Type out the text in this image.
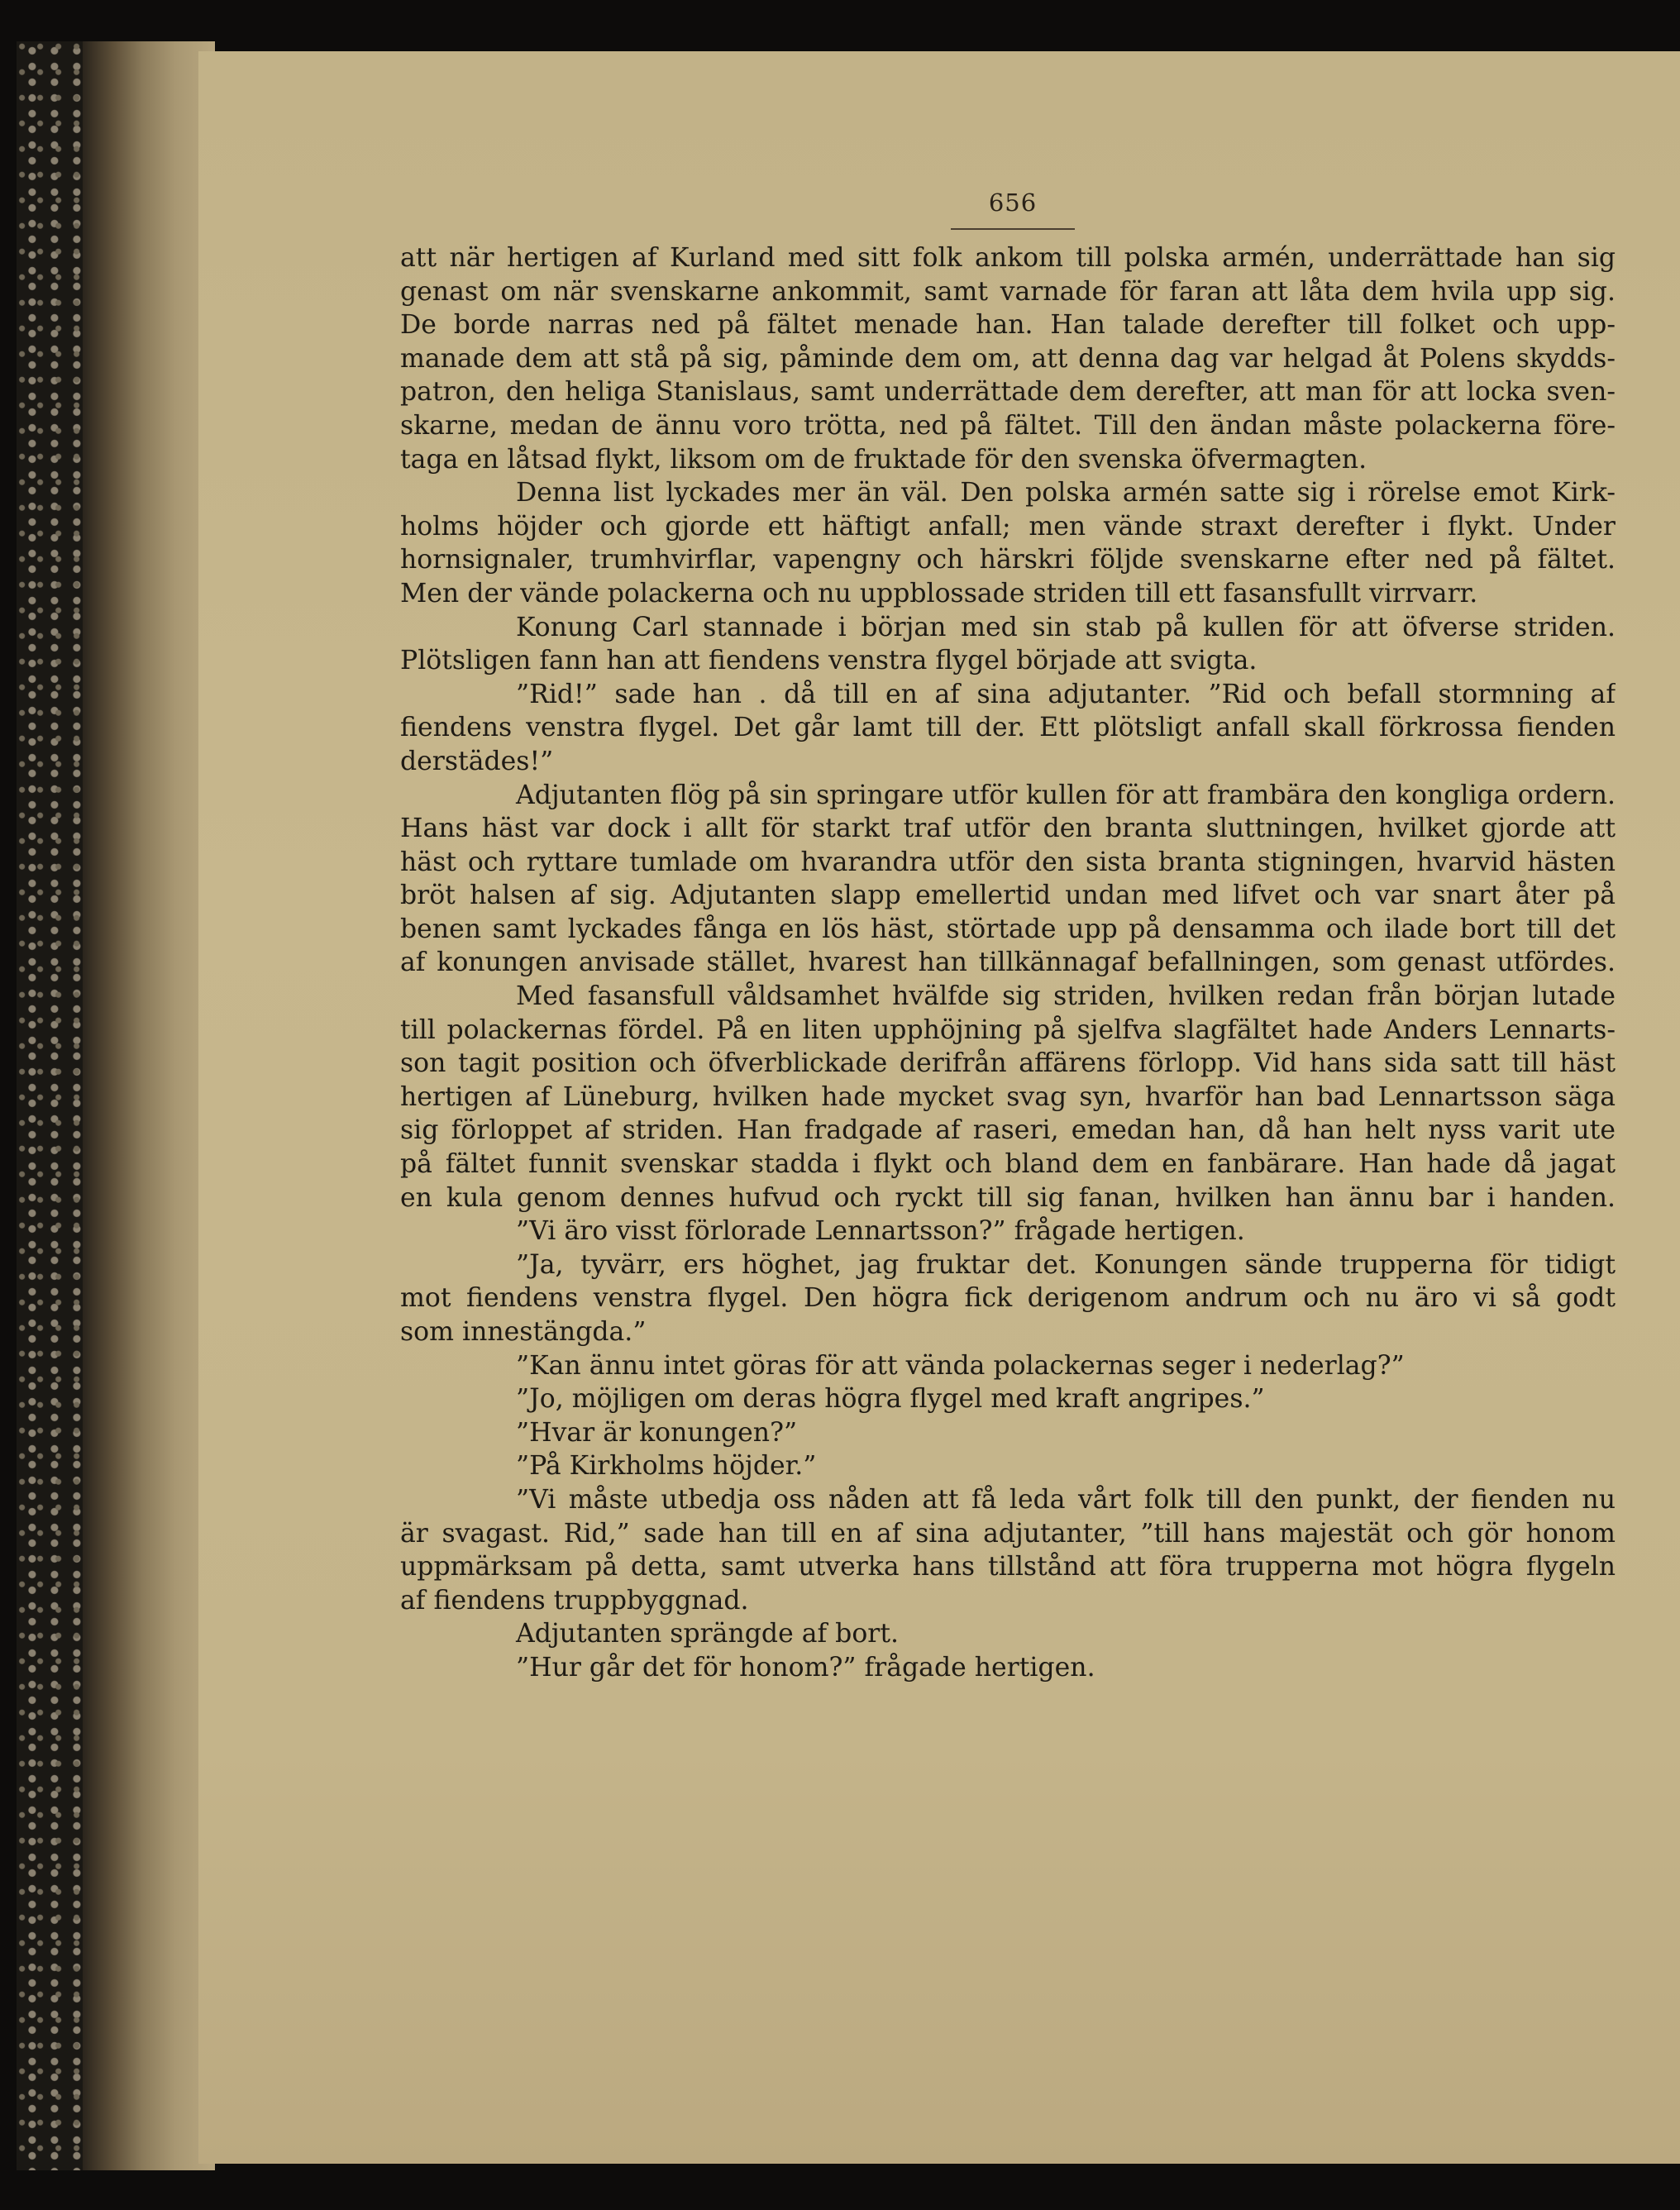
656
att när hertigen af Kurland med sitt folk ankom till polska armén, underrättade han sig
genast om när svenskarne ankommit, samt varnade för faran att låta dem hvila upp sig.
De borde narras ned på fältet menade han. Han talade derefter till folket och upp-
manade dem att stå på sig, påminde dem om, att denna dag var helgad åt Polens skydds-
patron, den heliga Stanislaus, samt underrättade dem derefter, att man för att locka sven-
skarne, medan de ännu voro trötta, ned på fältet. Till den ändan måste polackerna före-
taga en låtsad flykt, liksom om de fruktade för den svenska öfvermagten.
Denna list lyckades mer än väl. Den polska armén satte sig i rörelse emot Kirk-
holms höjder och gjorde ett häftigt anfall; men vände straxt derefter i flykt. Under
hornsignaler, trumhvirflar, vapengny och härskri följde svenskarne efter ned på fältet.
Men der vände polackerna och nu uppblossade striden till ett fasansfullt virrvarr.
Konung Carl stannade i början med sin stab på kullen för att öfverse striden.
Plötsligen fann han att fiendens venstra flygel började att svigta.
”Rid!” sade han . då till en af sina adjutanter. ”Rid och befall stormning af
fiendens venstra flygel. Det går lamt till der. Ett plötsligt anfall skall förkrossa fienden
derstädes!”
Adjutanten flög på sin springare utför kullen för att frambära den kongliga ordern.
Hans häst var dock i allt för starkt traf utför den branta sluttningen, hvilket gjorde att
häst och ryttare tumlade om hvarandra utför den sista branta stigningen, hvarvid hästen
bröt halsen af sig. Adjutanten slapp emellertid undan med lifvet och var snart åter på
benen samt lyckades fånga en lös häst, störtade upp på densamma och ilade bort till det
af konungen anvisade stället, hvarest han tillkännagaf befallningen, som genast utfördes.
Med fasansfull våldsamhet hvälfde sig striden, hvilken redan från början lutade
till polackernas fördel. På en liten upphöjning på sjelfva slagfältet hade Anders Lennarts-
son tagit position och öfverblickade derifrån affärens förlopp. Vid hans sida satt till häst
hertigen af Lüneburg, hvilken hade mycket svag syn, hvarför han bad Lennartsson säga
sig förloppet af striden. Han fradgade af raseri, emedan han, då han helt nyss varit ute
på fältet funnit svenskar stadda i flykt och bland dem en fanbärare. Han hade då jagat
en kula genom dennes hufvud och ryckt till sig fanan, hvilken han ännu bar i handen.
”Vi äro visst förlorade Lennartsson?” frågade hertigen.
”Ja, tyvärr, ers höghet, jag fruktar det. Konungen sände trupperna för tidigt
mot fiendens venstra flygel. Den högra fick derigenom andrum och nu äro vi så godt
som innestängda.”
”Kan ännu intet göras för att vända polackernas seger i nederlag?”
”Jo, möjligen om deras högra flygel med kraft angripes.”
”Hvar är konungen?”
”På Kirkholms höjder.”
”Vi måste utbedja oss nåden att få leda vårt folk till den punkt, der fienden nu
är svagast. Rid,” sade han till en af sina adjutanter, ”till hans majestät och gör honom
uppmärksam på detta, samt utverka hans tillstånd att föra trupperna mot högra flygeln
af fiendens truppbyggnad.
Adjutanten sprängde af bort.
”Hur går det för honom?” frågade hertigen.
